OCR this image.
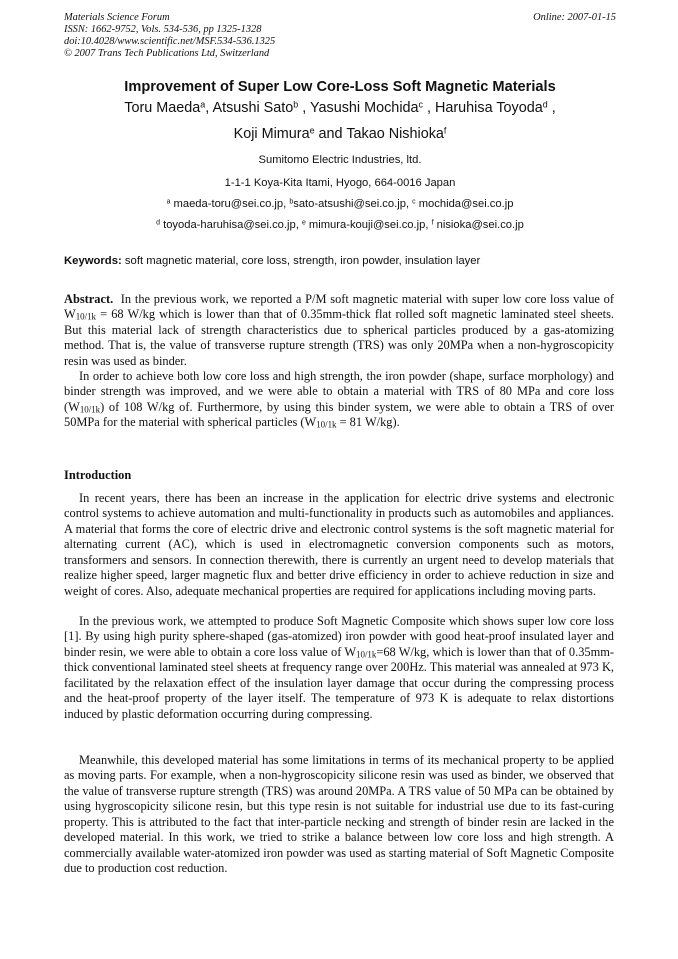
Materials Science Forum
ISSN: 1662-9752, Vols. 534-536, pp 1325-1328
doi:10.4028/www.scientific.net/MSF.534-536.1325
© 2007 Trans Tech Publications Ltd, Switzerland
Online: 2007-01-15
Improvement of Super Low Core-Loss Soft Magnetic Materials
Toru Maeda$^a$, Atsushi Sato$^b$ , Yasushi Mochida$^c$ , Haruhisa Toyoda$^d$ ,
Koji Mimura$^e$ and Takao Nishioka$^f$
Sumitomo Electric Industries, ltd.
1-1-1 Koya-Kita Itami, Hyogo, 664-0016 Japan
$^a$ maeda-toru@sei.co.jp, $^b$sato-atsushi@sei.co.jp, $^c$ mochida@sei.co.jp
$^d$ toyoda-haruhisa@sei.co.jp, $^e$ mimura-kouji@sei.co.jp, $^f$ nisioka@sei.co.jp
Keywords: soft magnetic material, core loss, strength, iron powder, insulation layer

Abstract. In the previous work, we reported a P/M soft magnetic material with super low core loss value of $W_{10/1k} = 68$ W/kg which is lower than that of 0.35mm-thick flat rolled soft magnetic laminated steel sheets. But this material lack of strength characteristics due to spherical particles produced by a gas-atomizing method. That is, the value of transverse rupture strength (TRS) was only 20MPa when a non-hygroscopicity resin was used as binder.

In order to achieve both low core loss and high strength, the iron powder (shape, surface morphology) and binder strength was improved, and we were able to obtain a material with TRS of 80 MPa and core loss $(W_{10/1k})$ of 108 W/kg of. Furthermore, by using this binder system, we were able to obtain a TRS of over 50MPa for the material with spherical particles ($W_{10/1k} = 81$ W/kg).

Introduction

In recent years, there has been an increase in the application for electric drive systems and electronic control systems to achieve automation and multi-functionality in products such as automobiles and appliances. A material that forms the core of electric drive and electronic control systems is the soft magnetic material for alternating current (AC), which is used in electromagnetic conversion components such as motors, transformers and sensors. In connection therewith, there is currently an urgent need to develop materials that realize higher speed, larger magnetic flux and better drive efficiency in order to achieve reduction in size and weight of cores. Also, adequate mechanical properties are required for applications including moving parts.

In the previous work, we attempted to produce Soft Magnetic Composite which shows super low core loss [1]. By using high purity sphere-shaped (gas-atomized) iron powder with good heat-proof insulated layer and binder resin, we were able to obtain a core loss value of $W_{10/1k}=68$ W/kg, which is lower than that of 0.35mm-thick conventional laminated steel sheets at frequency range over 200Hz. This material was annealed at 973 K, facilitated by the relaxation effect of the insulation layer damage that occur during the compressing process and the heat-proof property of the layer itself. The temperature of 973 K is adequate to relax distortions induced by plastic deformation occurring during compressing.

Meanwhile, this developed material has some limitations in terms of its mechanical property to be applied as moving parts. For example, when a non-hygroscopicity silicone resin was used as binder, we observed that the value of transverse rupture strength (TRS) was around 20MPa. A TRS value of 50 MPa can be obtained by using hygroscopicity silicone resin, but this type resin is not suitable for industrial use due to its fast-curing property. This is attributed to the fact that inter-particle necking and strength of binder resin are lacked in the developed material. In this work, we tried to strike a balance between low core loss and high strength. A commercially available water-atomized iron powder was used as starting material of Soft Magnetic Composite due to production cost reduction.
